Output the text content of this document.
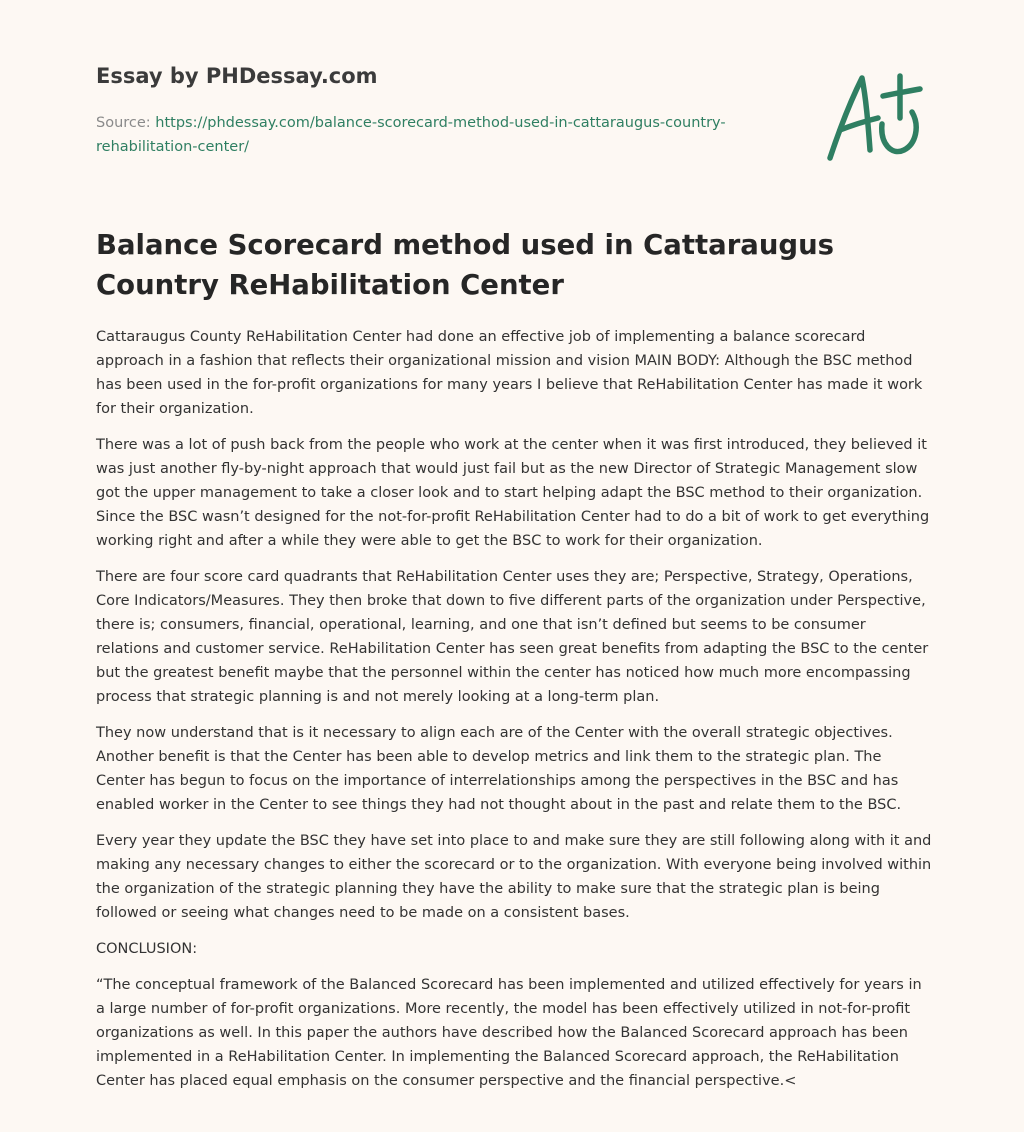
Essay by PHDessay.com
Source: https://phdessay.com/balance-scorecard-method-used-in-cattaraugus-country-rehabilitation-center/
Balance Scorecard method used in Cattaraugus Country ReHabilitation Center

Cattaraugus County ReHabilitation Center had done an effective job of implementing a balance scorecard approach in a fashion that reflects their organizational mission and vision MAIN BODY: Although the BSC method has been used in the for-profit organizations for many years I believe that ReHabilitation Center has made it work for their organization.

There was a lot of push back from the people who work at the center when it was first introduced, they believed it was just another fly-by-night approach that would just fail but as the new Director of Strategic Management slow got the upper management to take a closer look and to start helping adapt the BSC method to their organization. Since the BSC wasn’t designed for the not-for-profit ReHabilitation Center had to do a bit of work to get everything working right and after a while they were able to get the BSC to work for their organization.

There are four score card quadrants that ReHabilitation Center uses they are; Perspective, Strategy, Operations, Core Indicators/Measures. They then broke that down to five different parts of the organization under Perspective, there is; consumers, financial, operational, learning, and one that isn’t defined but seems to be consumer relations and customer service. ReHabilitation Center has seen great benefits from adapting the BSC to the center but the greatest benefit maybe that the personnel within the center has noticed how much more encompassing process that strategic planning is and not merely looking at a long-term plan.

They now understand that is it necessary to align each are of the Center with the overall strategic objectives. Another benefit is that the Center has been able to develop metrics and link them to the strategic plan. The Center has begun to focus on the importance of interrelationships among the perspectives in the BSC and has enabled worker in the Center to see things they had not thought about in the past and relate them to the BSC.

Every year they update the BSC they have set into place to and make sure they are still following along with it and making any necessary changes to either the scorecard or to the organization. With everyone being involved within the organization of the strategic planning they have the ability to make sure that the strategic plan is being followed or seeing what changes need to be made on a consistent bases.

CONCLUSION:

“The conceptual framework of the Balanced Scorecard has been implemented and utilized effectively for years in a large number of for-profit organizations. More recently, the model has been effectively utilized in not-for-profit organizations as well. In this paper the authors have described how the Balanced Scorecard approach has been implemented in a ReHabilitation Center. In implementing the Balanced Scorecard approach, the ReHabilitation Center has placed equal emphasis on the consumer perspective and the financial perspective.<
